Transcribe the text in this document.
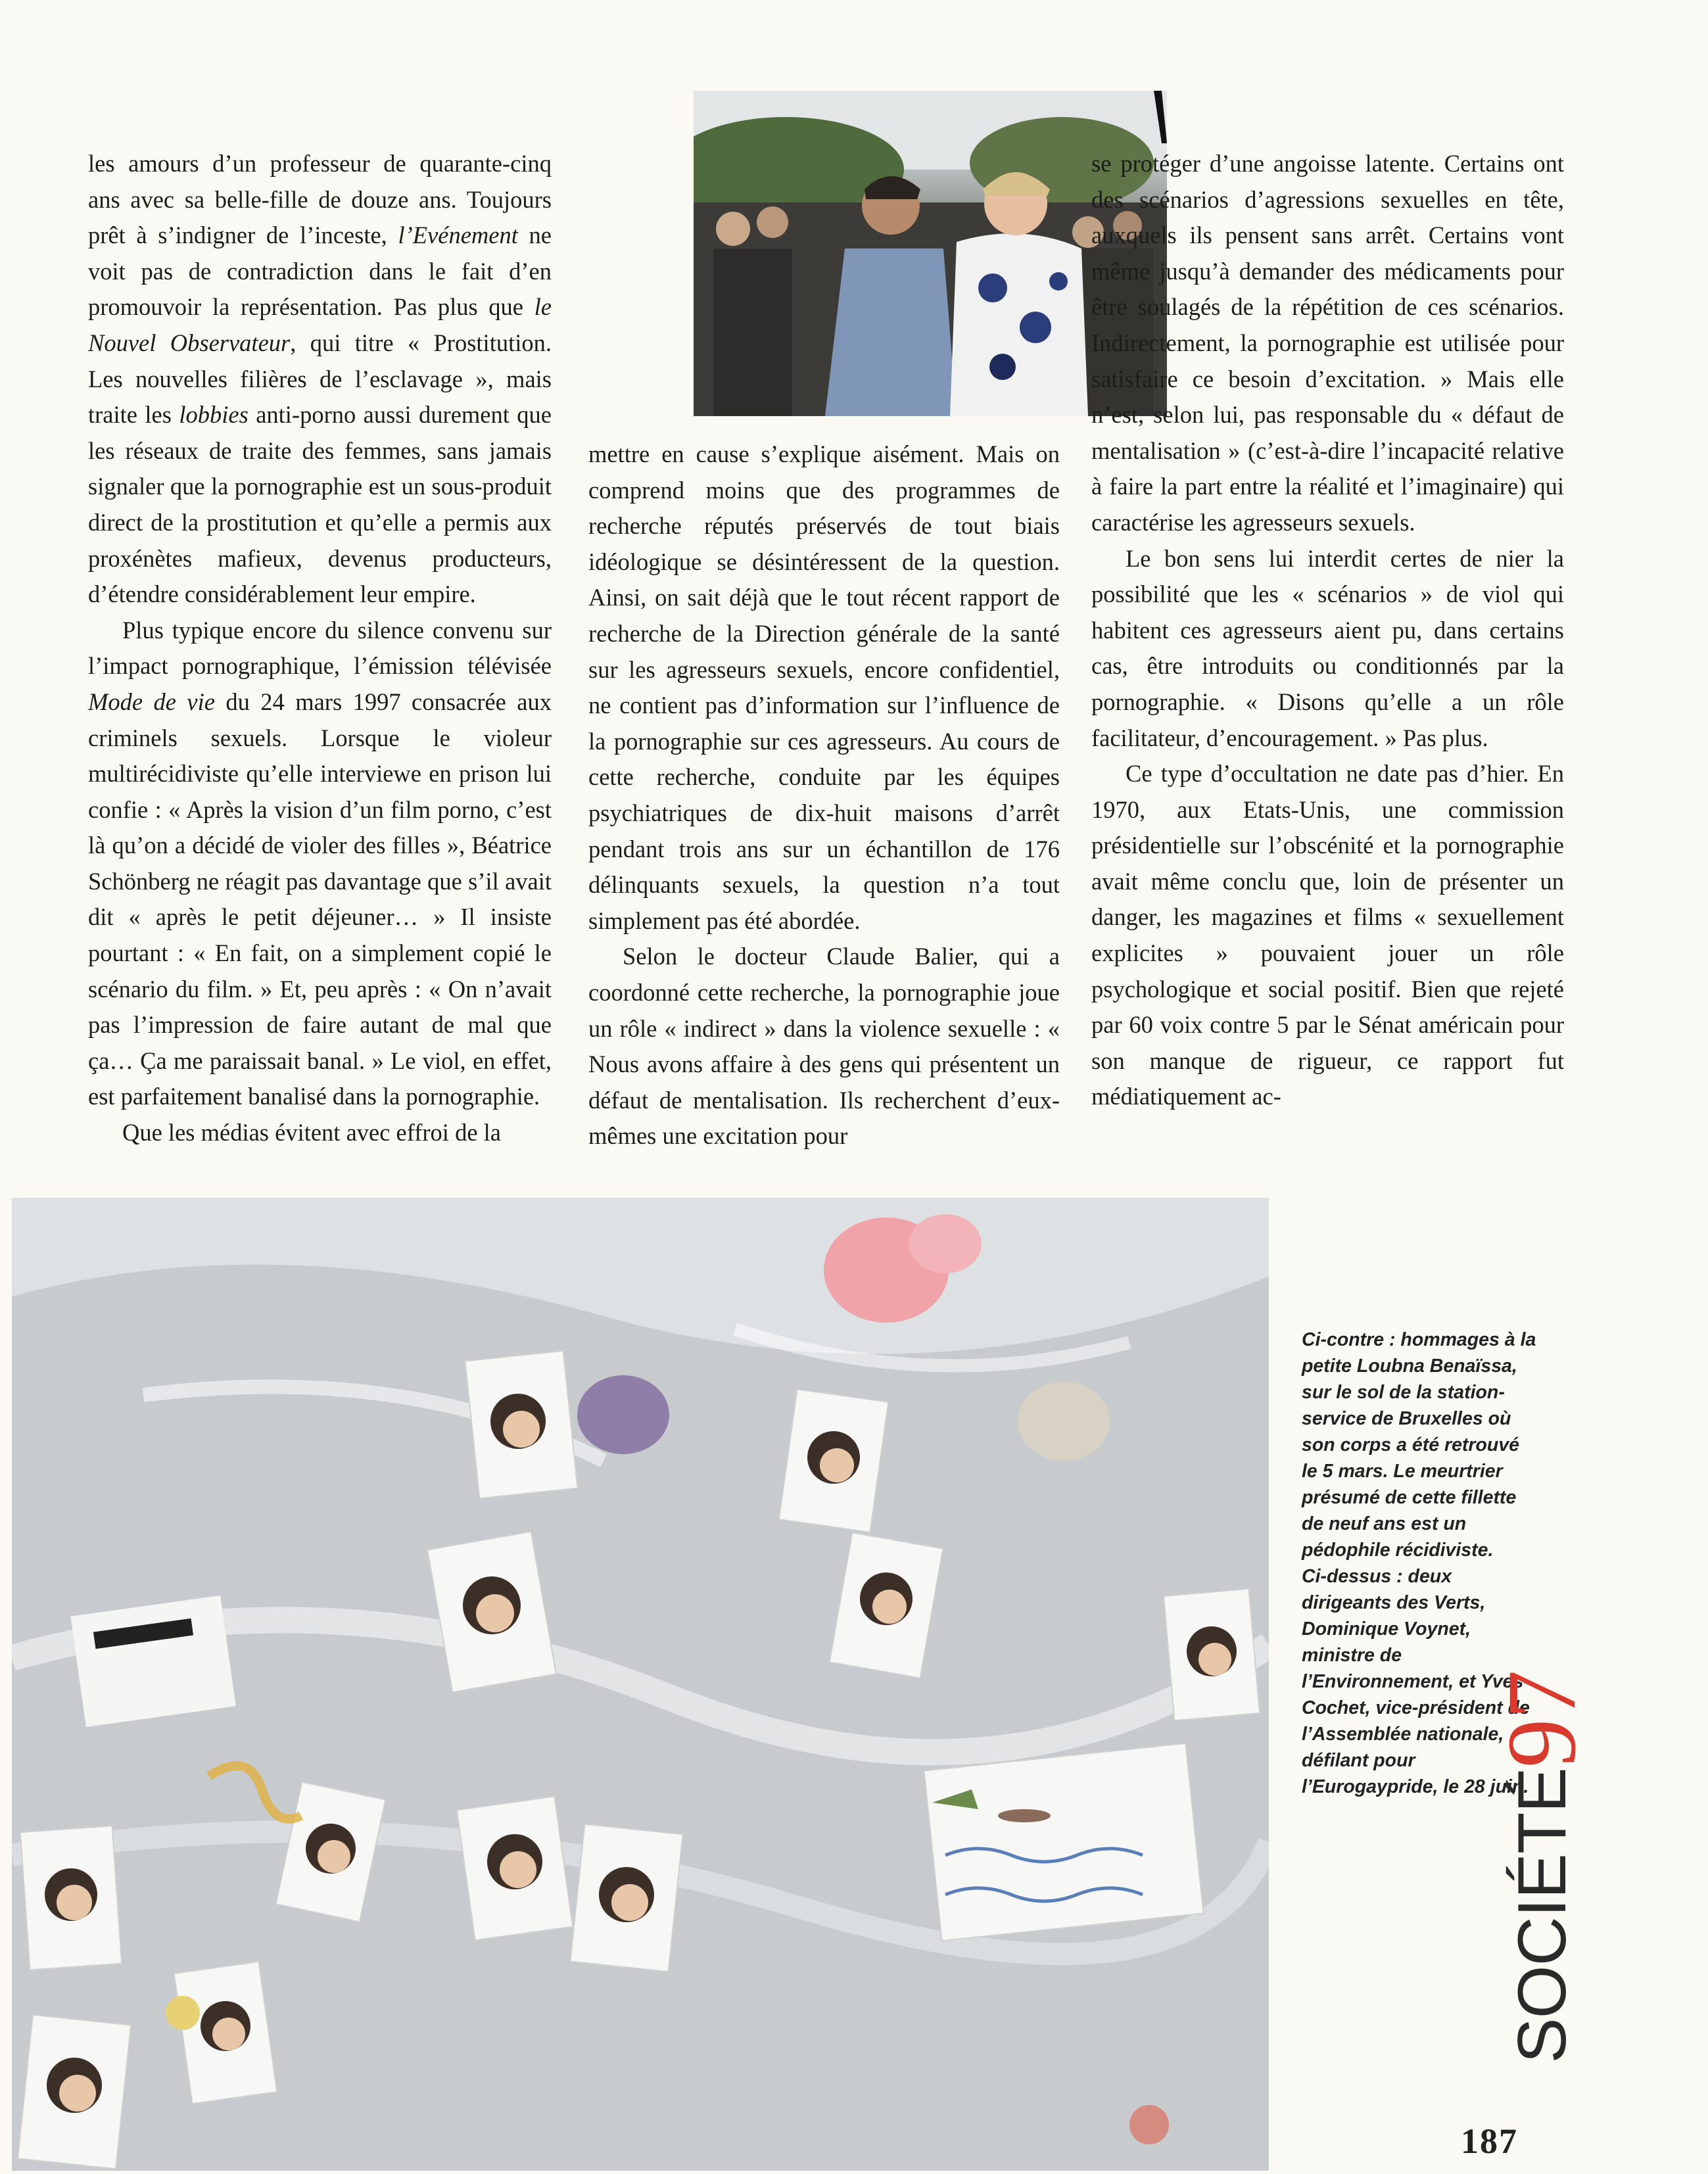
les amours d’un professeur de quarante-cinq ans avec sa belle-fille de douze ans. Toujours prêt à s’indigner de l’inceste, l’Evénement ne voit pas de contradiction dans le fait d’en promouvoir la représentation. Pas plus que le Nouvel Observateur, qui titre « Prostitution. Les nouvelles filières de l’esclavage », mais traite les lobbies anti-porno aussi durement que les réseaux de traite des femmes, sans jamais signaler que la pornographie est un sous-produit direct de la prostitution et qu’elle a permis aux proxénètes mafieux, devenus producteurs, d’étendre considérablement leur empire.

Plus typique encore du silence convenu sur l’impact pornographique, l’émission télévisée Mode de vie du 24 mars 1997 consacrée aux criminels sexuels. Lorsque le violeur multirécidiviste qu’elle interviewe en prison lui confie : « Après la vision d’un film porno, c’est là qu’on a décidé de violer des filles », Béatrice Schönberg ne réagit pas davantage que s’il avait dit « après le petit déjeuner… » Il insiste pourtant : « En fait, on a simplement copié le scénario du film. » Et, peu après : « On n’avait pas l’impression de faire autant de mal que ça… Ça me paraissait banal. » Le viol, en effet, est parfaitement banalisé dans la pornographie.

Que les médias évitent avec effroi de la

mettre en cause s’explique aisément. Mais on comprend moins que des programmes de recherche réputés préservés de tout biais idéologique se désintéressent de la question. Ainsi, on sait déjà que le tout récent rapport de recherche de la Direction générale de la santé sur les agresseurs sexuels, encore confidentiel, ne contient pas d’information sur l’influence de la pornographie sur ces agresseurs. Au cours de cette recherche, conduite par les équipes psychiatriques de dix-huit maisons d’arrêt pendant trois ans sur un échantillon de 176 délinquants sexuels, la question n’a tout simplement pas été abordée.

Selon le docteur Claude Balier, qui a coordonné cette recherche, la pornographie joue un rôle « indirect » dans la violence sexuelle : « Nous avons affaire à des gens qui présentent un défaut de mentalisation. Ils recherchent d’eux-mêmes une excitation pour

se protéger d’une angoisse latente. Certains ont des scénarios d’agressions sexuelles en tête, auxquels ils pensent sans arrêt. Certains vont même jusqu’à demander des médicaments pour être soulagés de la répétition de ces scénarios. Indirectement, la pornographie est utilisée pour satisfaire ce besoin d’excitation. » Mais elle n’est, selon lui, pas responsable du « défaut de mentalisation » (c’est-à-dire l’incapacité relative à faire la part entre la réalité et l’imaginaire) qui caractérise les agresseurs sexuels.

Le bon sens lui interdit certes de nier la possibilité que les « scénarios » de viol qui habitent ces agresseurs aient pu, dans certains cas, être introduits ou conditionnés par la pornographie. « Disons qu’elle a un rôle facilitateur, d’encouragement. » Pas plus.

Ce type d’occultation ne date pas d’hier. En 1970, aux Etats-Unis, une commission présidentielle sur l’obscénité et la pornographie avait même conclu que, loin de présenter un danger, les magazines et films « sexuellement explicites » pouvaient jouer un rôle psychologique et social positif. Bien que rejeté par 60 voix contre 5 par le Sénat américain pour son manque de rigueur, ce rapport fut médiatiquement ac-

Ci-contre : hommages à la petite Loubna Benaïssa, sur le sol de la station-service de Bruxelles où son corps a été retrouvé le 5 mars. Le meurtrier présumé de cette fillette de neuf ans est un pédophile récidiviste.

Ci-dessus : deux dirigeants des Verts, Dominique Voynet, ministre de l’Environnement, et Yves Cochet, vice-président de l’Assemblée nationale, défilant pour l’Eurogaypride, le 28 juin.

SOCIÉTÉ97
187
